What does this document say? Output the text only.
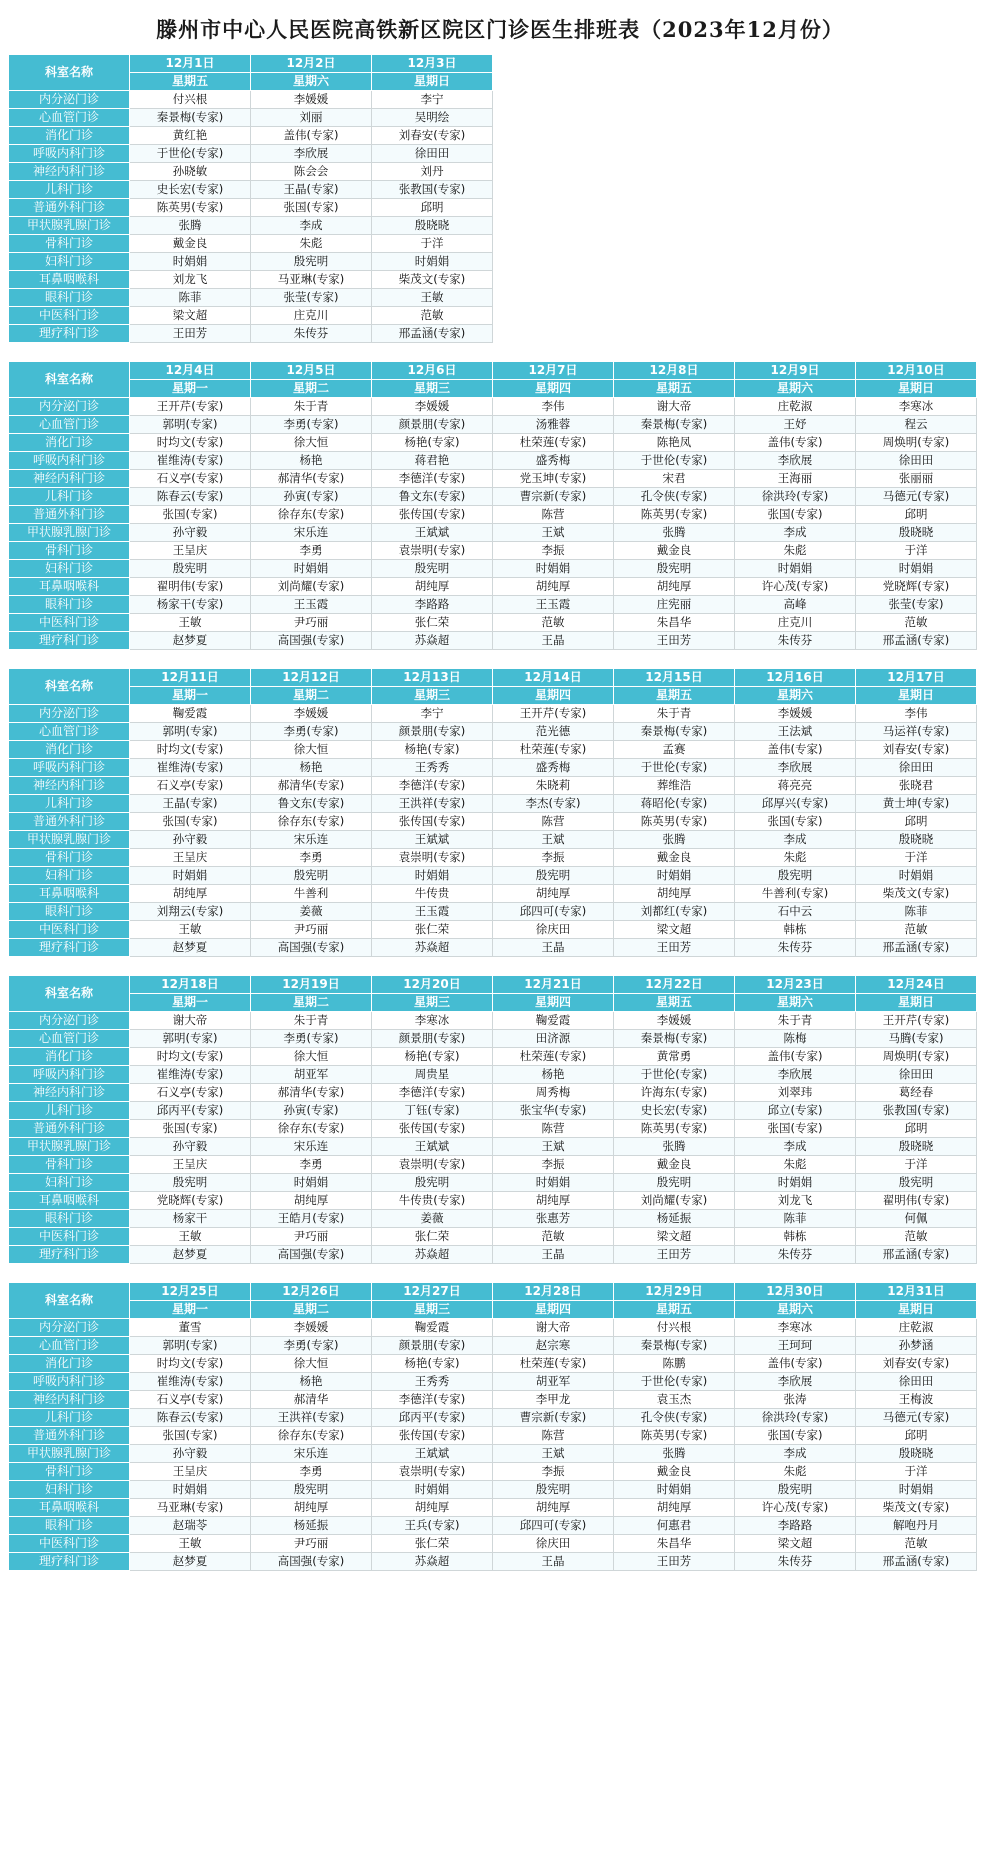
滕州市中心人民医院高铁新区院区门诊医生排班表（2023年12月份）
科室名称	12月1日	12月2日	12月3日
	星期五	星期六	星期日
内分泌门诊	付兴根	李媛媛	李宁
心血管门诊	秦景梅(专家)	刘丽	吴明绘
消化门诊	黄红艳	盖伟(专家)	刘春安(专家)
呼吸内科门诊	于世伦(专家)	李欣展	徐田田
神经内科门诊	孙晓敏	陈会会	刘丹
儿科门诊	史长宏(专家)	王晶(专家)	张教国(专家)
普通外科门诊	陈英男(专家)	张国(专家)	邱明
甲状腺乳腺门诊	张腾	李成	殷晓晓
骨科门诊	戴金良	朱彪	于洋
妇科门诊	时娟娟	殷宪明	时娟娟
耳鼻咽喉科	刘龙飞	马亚琳(专家)	柴茂文(专家)
眼科门诊	陈菲	张莹(专家)	王敏
中医科门诊	梁文超	庄克川	范敏
理疗科门诊	王田芳	朱传芬	邢孟涵(专家)
科室名称	12月4日	12月5日	12月6日	12月7日	12月8日	12月9日	12月10日
	星期一	星期二	星期三	星期四	星期五	星期六	星期日
内分泌门诊	王开芹(专家)	朱于青	李媛媛	李伟	谢大帝	庄乾淑	李寒冰
心血管门诊	郭明(专家)	李勇(专家)	颜景朋(专家)	汤雅蓉	秦景梅(专家)	王妤	程云
消化门诊	时均文(专家)	徐大恒	杨艳(专家)	杜荣莲(专家)	陈艳凤	盖伟(专家)	周焕明(专家)
呼吸内科门诊	崔维涛(专家)	杨艳	蒋君艳	盛秀梅	于世伦(专家)	李欣展	徐田田
神经内科门诊	石义亭(专家)	郝清华(专家)	李德洋(专家)	党玉坤(专家)	宋君	王海丽	张丽丽
儿科门诊	陈春云(专家)	孙寅(专家)	鲁文东(专家)	曹宗新(专家)	孔令侠(专家)	徐洪玲(专家)	马德元(专家)
普通外科门诊	张国(专家)	徐存东(专家)	张传国(专家)	陈营	陈英男(专家)	张国(专家)	邱明
甲状腺乳腺门诊	孙守毅	宋乐连	王斌斌	王斌	张腾	李成	殷晓晓
骨科门诊	王呈庆	李勇	袁崇明(专家)	李振	戴金良	朱彪	于洋
妇科门诊	殷宪明	时娟娟	殷宪明	时娟娟	殷宪明	时娟娟	时娟娟
耳鼻咽喉科	翟明伟(专家)	刘尚耀(专家)	胡纯厚	胡纯厚	胡纯厚	许心茂(专家)	党晓辉(专家)
眼科门诊	杨家干(专家)	王玉霞	李路路	王玉霞	庄宪丽	高峰	张莹(专家)
中医科门诊	王敏	尹巧丽	张仁荣	范敏	朱昌华	庄克川	范敏
理疗科门诊	赵梦夏	高国强(专家)	苏焱超	王晶	王田芳	朱传芬	邢孟涵(专家)
科室名称	12月11日	12月12日	12月13日	12月14日	12月15日	12月16日	12月17日
	星期一	星期二	星期三	星期四	星期五	星期六	星期日
内分泌门诊	鞠爱霞	李媛媛	李宁	王开芹(专家)	朱于青	李媛媛	李伟
心血管门诊	郭明(专家)	李勇(专家)	颜景朋(专家)	范光德	秦景梅(专家)	王法斌	马运祥(专家)
消化门诊	时均文(专家)	徐大恒	杨艳(专家)	杜荣莲(专家)	孟赛	盖伟(专家)	刘春安(专家)
呼吸内科门诊	崔维涛(专家)	杨艳	王秀秀	盛秀梅	于世伦(专家)	李欣展	徐田田
神经内科门诊	石义亭(专家)	郝清华(专家)	李德洋(专家)	朱晓莉	葬维浩	蒋亮亮	张晓君
儿科门诊	王晶(专家)	鲁文东(专家)	王洪祥(专家)	李杰(专家)	蒋昭伦(专家)	邱厚兴(专家)	黄士坤(专家)
普通外科门诊	张国(专家)	徐存东(专家)	张传国(专家)	陈营	陈英男(专家)	张国(专家)	邱明
甲状腺乳腺门诊	孙守毅	宋乐连	王斌斌	王斌	张腾	李成	殷晓晓
骨科门诊	王呈庆	李勇	袁崇明(专家)	李振	戴金良	朱彪	于洋
妇科门诊	时娟娟	殷宪明	时娟娟	殷宪明	时娟娟	殷宪明	时娟娟
耳鼻咽喉科	胡纯厚	牛善利	牛传贵	胡纯厚	胡纯厚	牛善利(专家)	柴茂文(专家)
眼科门诊	刘翔云(专家)	姜薇	王玉霞	邱四可(专家)	刘都红(专家)	石中云	陈菲
中医科门诊	王敏	尹巧丽	张仁荣	徐庆田	梁文超	韩栋	范敏
理疗科门诊	赵梦夏	高国强(专家)	苏焱超	王晶	王田芳	朱传芬	邢孟涵(专家)
科室名称	12月18日	12月19日	12月20日	12月21日	12月22日	12月23日	12月24日
	星期一	星期二	星期三	星期四	星期五	星期六	星期日
内分泌门诊	谢大帝	朱于青	李寒冰	鞠爱霞	李媛媛	朱于青	王开芹(专家)
心血管门诊	郭明(专家)	李勇(专家)	颜景朋(专家)	田济源	秦景梅(专家)	陈梅	马腾(专家)
消化门诊	时均文(专家)	徐大恒	杨艳(专家)	杜荣莲(专家)	黄常勇	盖伟(专家)	周焕明(专家)
呼吸内科门诊	崔维涛(专家)	胡亚军	周贵星	杨艳	于世伦(专家)	李欣展	徐田田
神经内科门诊	石义亭(专家)	郝清华(专家)	李德洋(专家)	周秀梅	许海东(专家)	刘翠玮	葛经春
儿科门诊	邱丙平(专家)	孙寅(专家)	丁钰(专家)	张宝华(专家)	史长宏(专家)	邱立(专家)	张教国(专家)
普通外科门诊	张国(专家)	徐存东(专家)	张传国(专家)	陈营	陈英男(专家)	张国(专家)	邱明
甲状腺乳腺门诊	孙守毅	宋乐连	王斌斌	王斌	张腾	李成	殷晓晓
骨科门诊	王呈庆	李勇	袁崇明(专家)	李振	戴金良	朱彪	于洋
妇科门诊	殷宪明	时娟娟	殷宪明	时娟娟	殷宪明	时娟娟	殷宪明
耳鼻咽喉科	党晓辉(专家)	胡纯厚	牛传贵(专家)	胡纯厚	刘尚耀(专家)	刘龙飞	翟明伟(专家)
眼科门诊	杨家干	王皓月(专家)	姜薇	张惠芳	杨延振	陈菲	何佩
中医科门诊	王敏	尹巧丽	张仁荣	范敏	梁文超	韩栋	范敏
理疗科门诊	赵梦夏	高国强(专家)	苏焱超	王晶	王田芳	朱传芬	邢孟涵(专家)
科室名称	12月25日	12月26日	12月27日	12月28日	12月29日	12月30日	12月31日
	星期一	星期二	星期三	星期四	星期五	星期六	星期日
内分泌门诊	董雪	李媛媛	鞠爱霞	谢大帝	付兴根	李寒冰	庄乾淑
心血管门诊	郭明(专家)	李勇(专家)	颜景朋(专家)	赵宗寒	秦景梅(专家)	王珂珂	孙梦涵
消化门诊	时均文(专家)	徐大恒	杨艳(专家)	杜荣莲(专家)	陈鹏	盖伟(专家)	刘春安(专家)
呼吸内科门诊	崔维涛(专家)	杨艳	王秀秀	胡亚军	于世伦(专家)	李欣展	徐田田
神经内科门诊	石义亭(专家)	郝清华	李德洋(专家)	李甲龙	袁玉杰	张涛	王梅波
儿科门诊	陈春云(专家)	王洪祥(专家)	邱丙平(专家)	曹宗新(专家)	孔令侠(专家)	徐洪玲(专家)	马德元(专家)
普通外科门诊	张国(专家)	徐存东(专家)	张传国(专家)	陈营	陈英男(专家)	张国(专家)	邱明
甲状腺乳腺门诊	孙守毅	宋乐连	王斌斌	王斌	张腾	李成	殷晓晓
骨科门诊	王呈庆	李勇	袁崇明(专家)	李振	戴金良	朱彪	于洋
妇科门诊	时娟娟	殷宪明	时娟娟	殷宪明	时娟娟	殷宪明	时娟娟
耳鼻咽喉科	马亚琳(专家)	胡纯厚	胡纯厚	胡纯厚	胡纯厚	许心茂(专家)	柴茂文(专家)
眼科门诊	赵瑞苓	杨延振	王兵(专家)	邱四可(专家)	何惠君	李路路	解咆丹月
中医科门诊	王敏	尹巧丽	张仁荣	徐庆田	朱昌华	梁文超	范敏
理疗科门诊	赵梦夏	高国强(专家)	苏焱超	王晶	王田芳	朱传芬	邢孟涵(专家)
